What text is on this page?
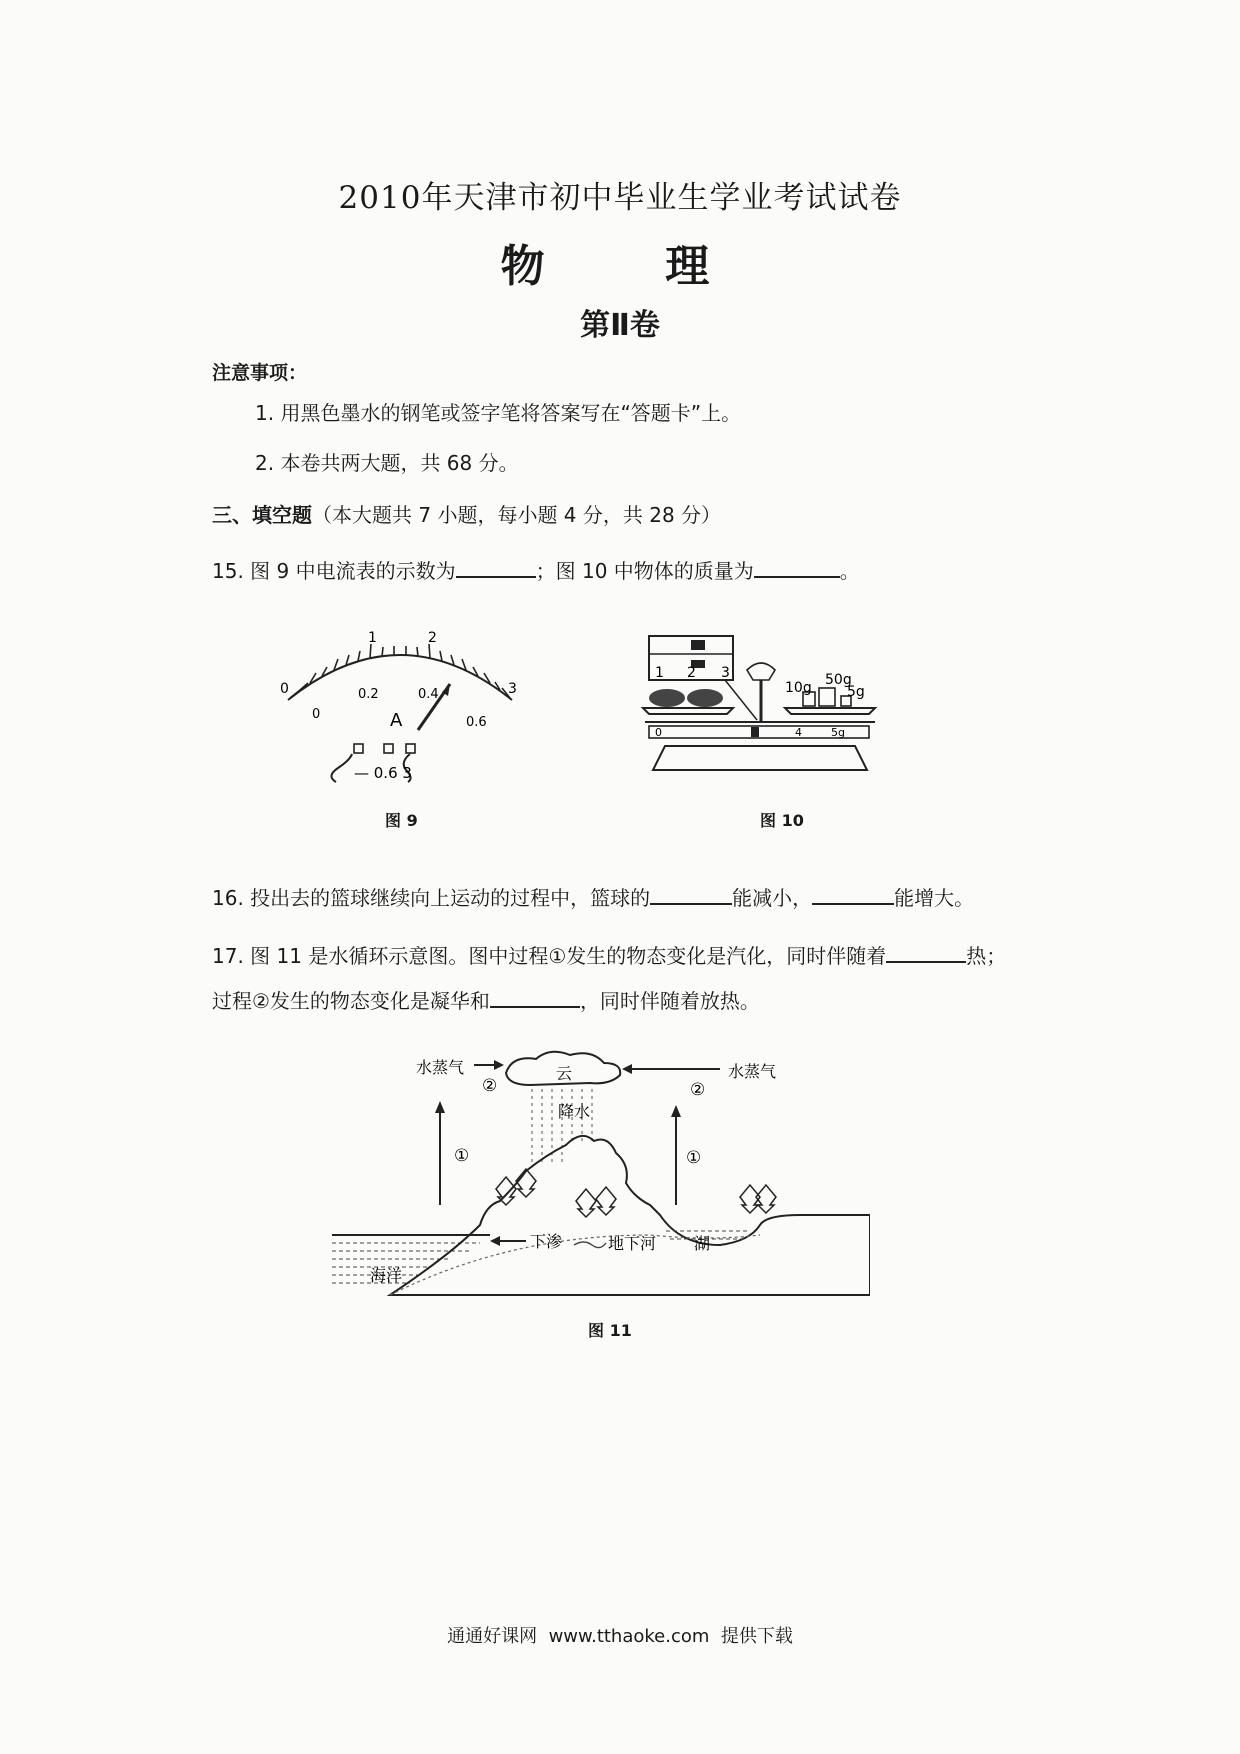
2010年天津市初中毕业生学业考试试卷
物  理
第Ⅱ卷
注意事项：
1. 用黑色墨水的钢笔或签字笔将答案写在“答题卡”上。
2. 本卷共两大题，共 68 分。
三、填空题（本大题共 7 小题，每小题 4 分，共 28 分）
15. 图 9 中电流表的示数为	；图 10 中物体的质量为	。
0
1	2
3
0
0.2	0.4
0.6
A
— 0.6 3
图 9
1 2 3	50g
10g	5g
0	4	5g
图 10
16. 投出去的篮球继续向上运动的过程中，篮球的	能减小，	能增大。
17. 图 11 是水循环示意图。图中过程①发生的物态变化是汽化，同时伴随着	热；
过程②发生的物态变化是凝华和	，同时伴随着放热。
云
水蒸气
②
水蒸气
②
降水
①	①
海洋
下渗	地下河 湖
图 11
通通好课网  www.tthaoke.com  提供下载
